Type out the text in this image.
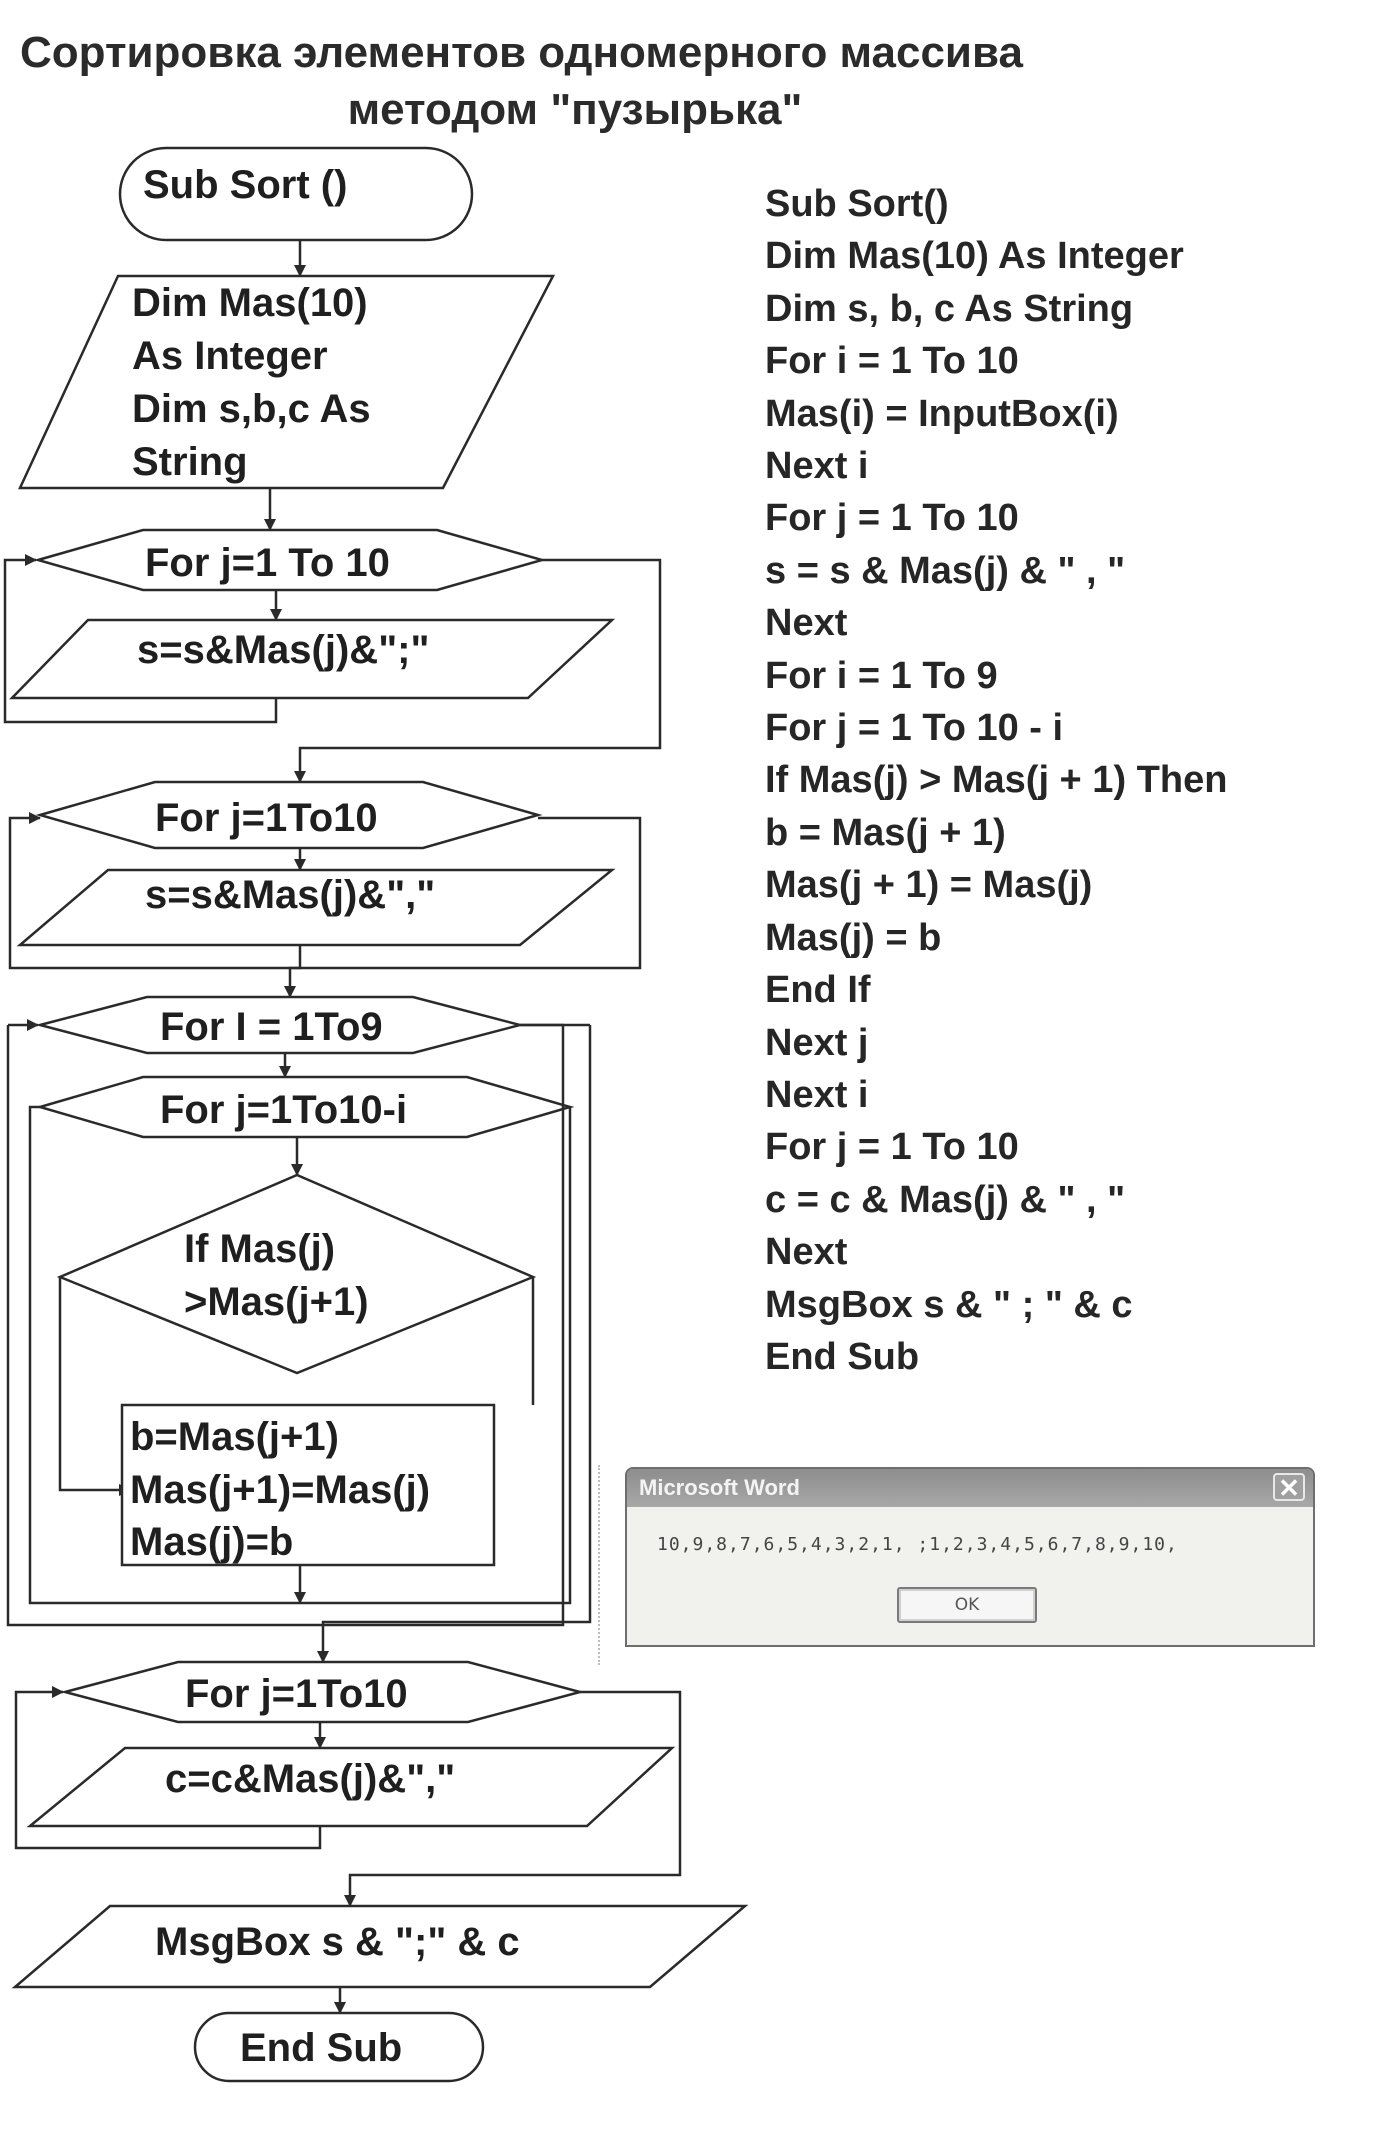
Сортировка элементов одномерного массива
методом "пузырька"
Sub Sort ()
Dim Mas(10)
As Integer
Dim s,b,c As
String
For j=1 To 10
s=s&Mas(j)&";"
For j=1To10
s=s&Mas(j)&","
For I = 1To9
For j=1To10-i
If Mas(j)
>Mas(j+1)
b=Mas(j+1)
Mas(j+1)=Mas(j)
Mas(j)=b
For j=1To10
c=c&Mas(j)&","
MsgBox s & ";" & c
End Sub
Sub Sort()
Dim Mas(10) As Integer
Dim s, b, c As String
For i = 1 To 10
Mas(i) = InputBox(i)
Next i
For j = 1 To 10
s = s & Mas(j) & " , "
Next
For i = 1 To 9
For j = 1 To 10 - i
If Mas(j) > Mas(j + 1) Then
b = Mas(j + 1)
Mas(j + 1) = Mas(j)
Mas(j) = b
End If
Next j
Next i
For j = 1 To 10
c = c & Mas(j) & " , "
Next
MsgBox s & " ; " & c
End Sub
Microsoft Word	✕
10,9,8,7,6,5,4,3,2,1, ;1,2,3,4,5,6,7,8,9,10,
OK
